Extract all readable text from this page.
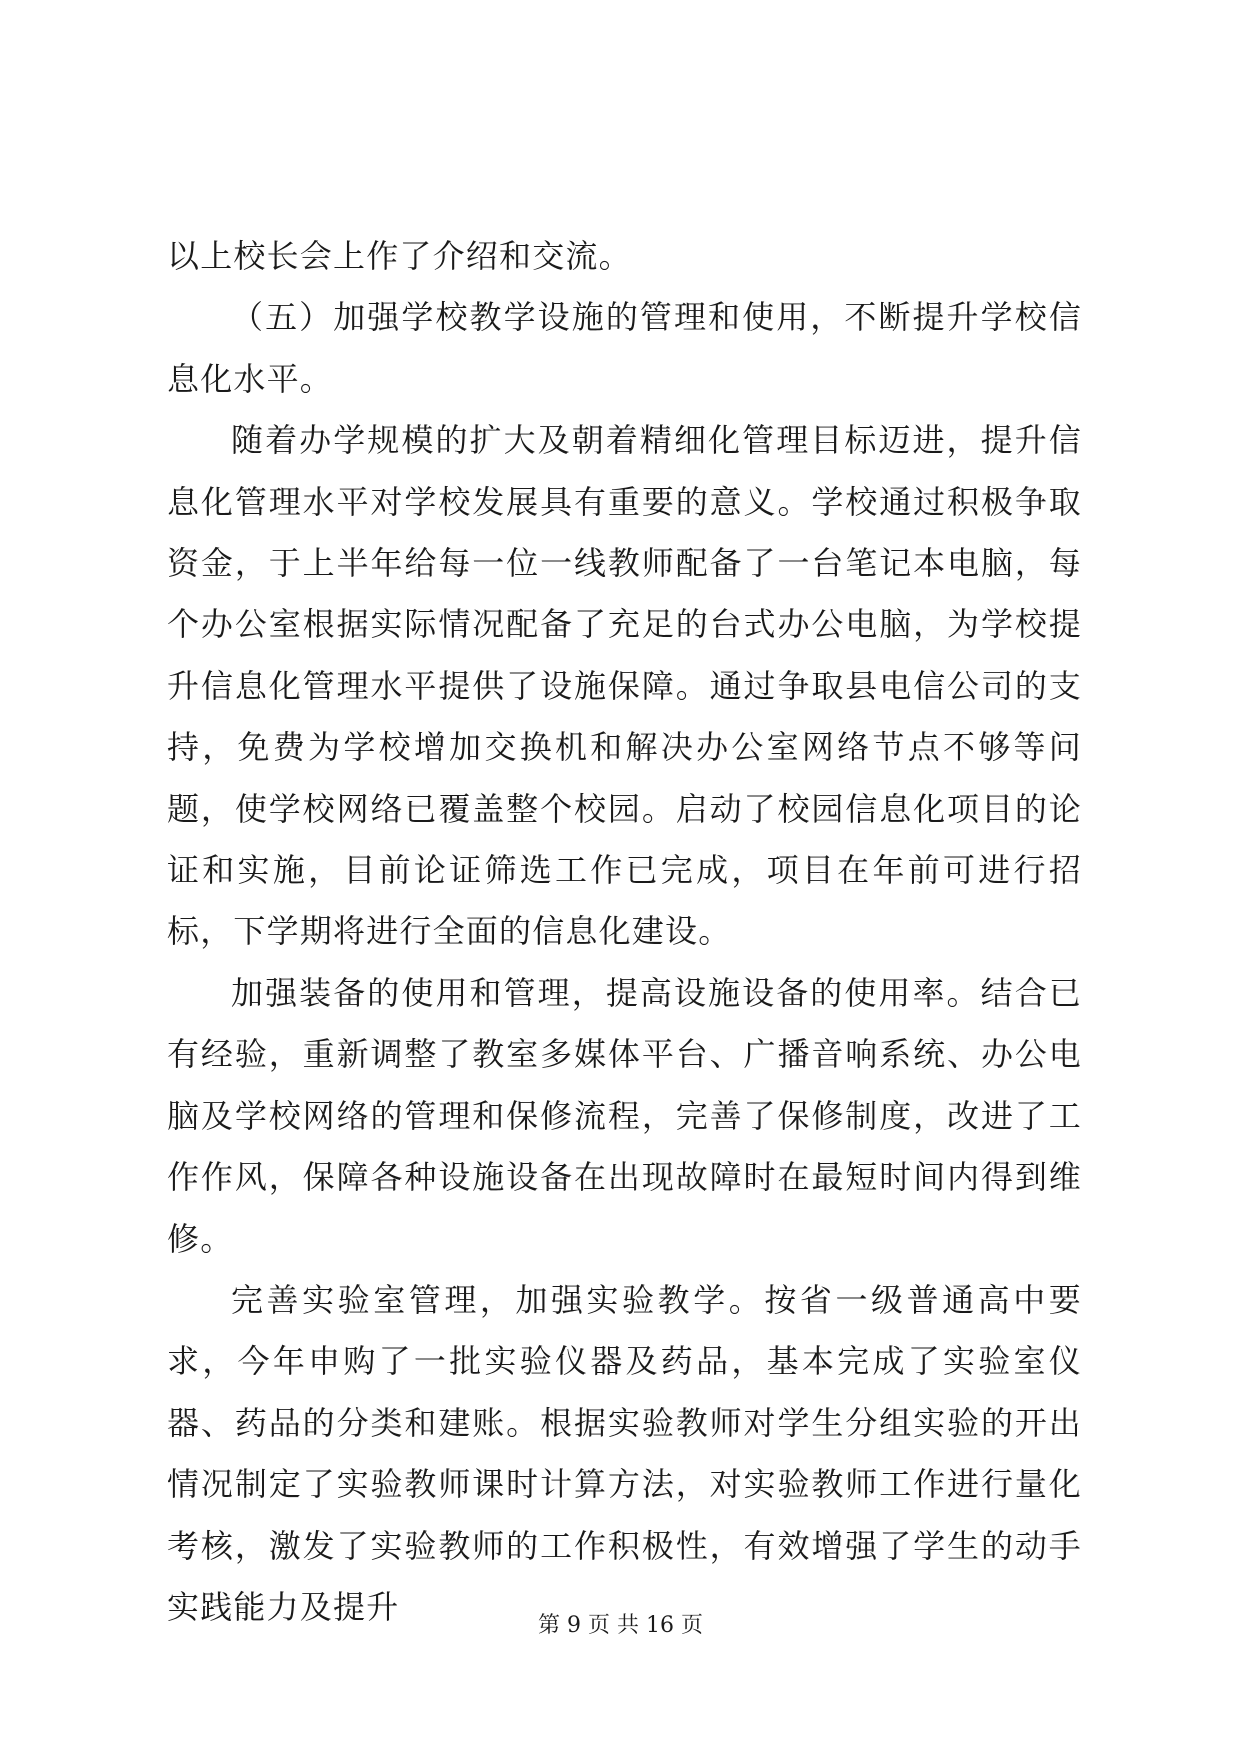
以上校长会上作了介绍和交流。

（五）加强学校教学设施的管理和使用，不断提升学校信息化水平。

随着办学规模的扩大及朝着精细化管理目标迈进，提升信息化管理水平对学校发展具有重要的意义。学校通过积极争取资金，于上半年给每一位一线教师配备了一台笔记本电脑，每个办公室根据实际情况配备了充足的台式办公电脑，为学校提升信息化管理水平提供了设施保障。通过争取县电信公司的支持，免费为学校增加交换机和解决办公室网络节点不够等问题，使学校网络已覆盖整个校园。启动了校园信息化项目的论证和实施，目前论证筛选工作已完成，项目在年前可进行招标，下学期将进行全面的信息化建设。

加强装备的使用和管理，提高设施设备的使用率。结合已有经验，重新调整了教室多媒体平台、广播音响系统、办公电脑及学校网络的管理和保修流程，完善了保修制度，改进了工作作风，保障各种设施设备在出现故障时在最短时间内得到维修。

完善实验室管理，加强实验教学。按省一级普通高中要求，今年申购了一批实验仪器及药品，基本完成了实验室仪器、药品的分类和建账。根据实验教师对学生分组实验的开出情况制定了实验教师课时计算方法，对实验教师工作进行量化考核，激发了实验教师的工作积极性，有效增强了学生的动手实践能力及提升	第 9 页 共 16 页
